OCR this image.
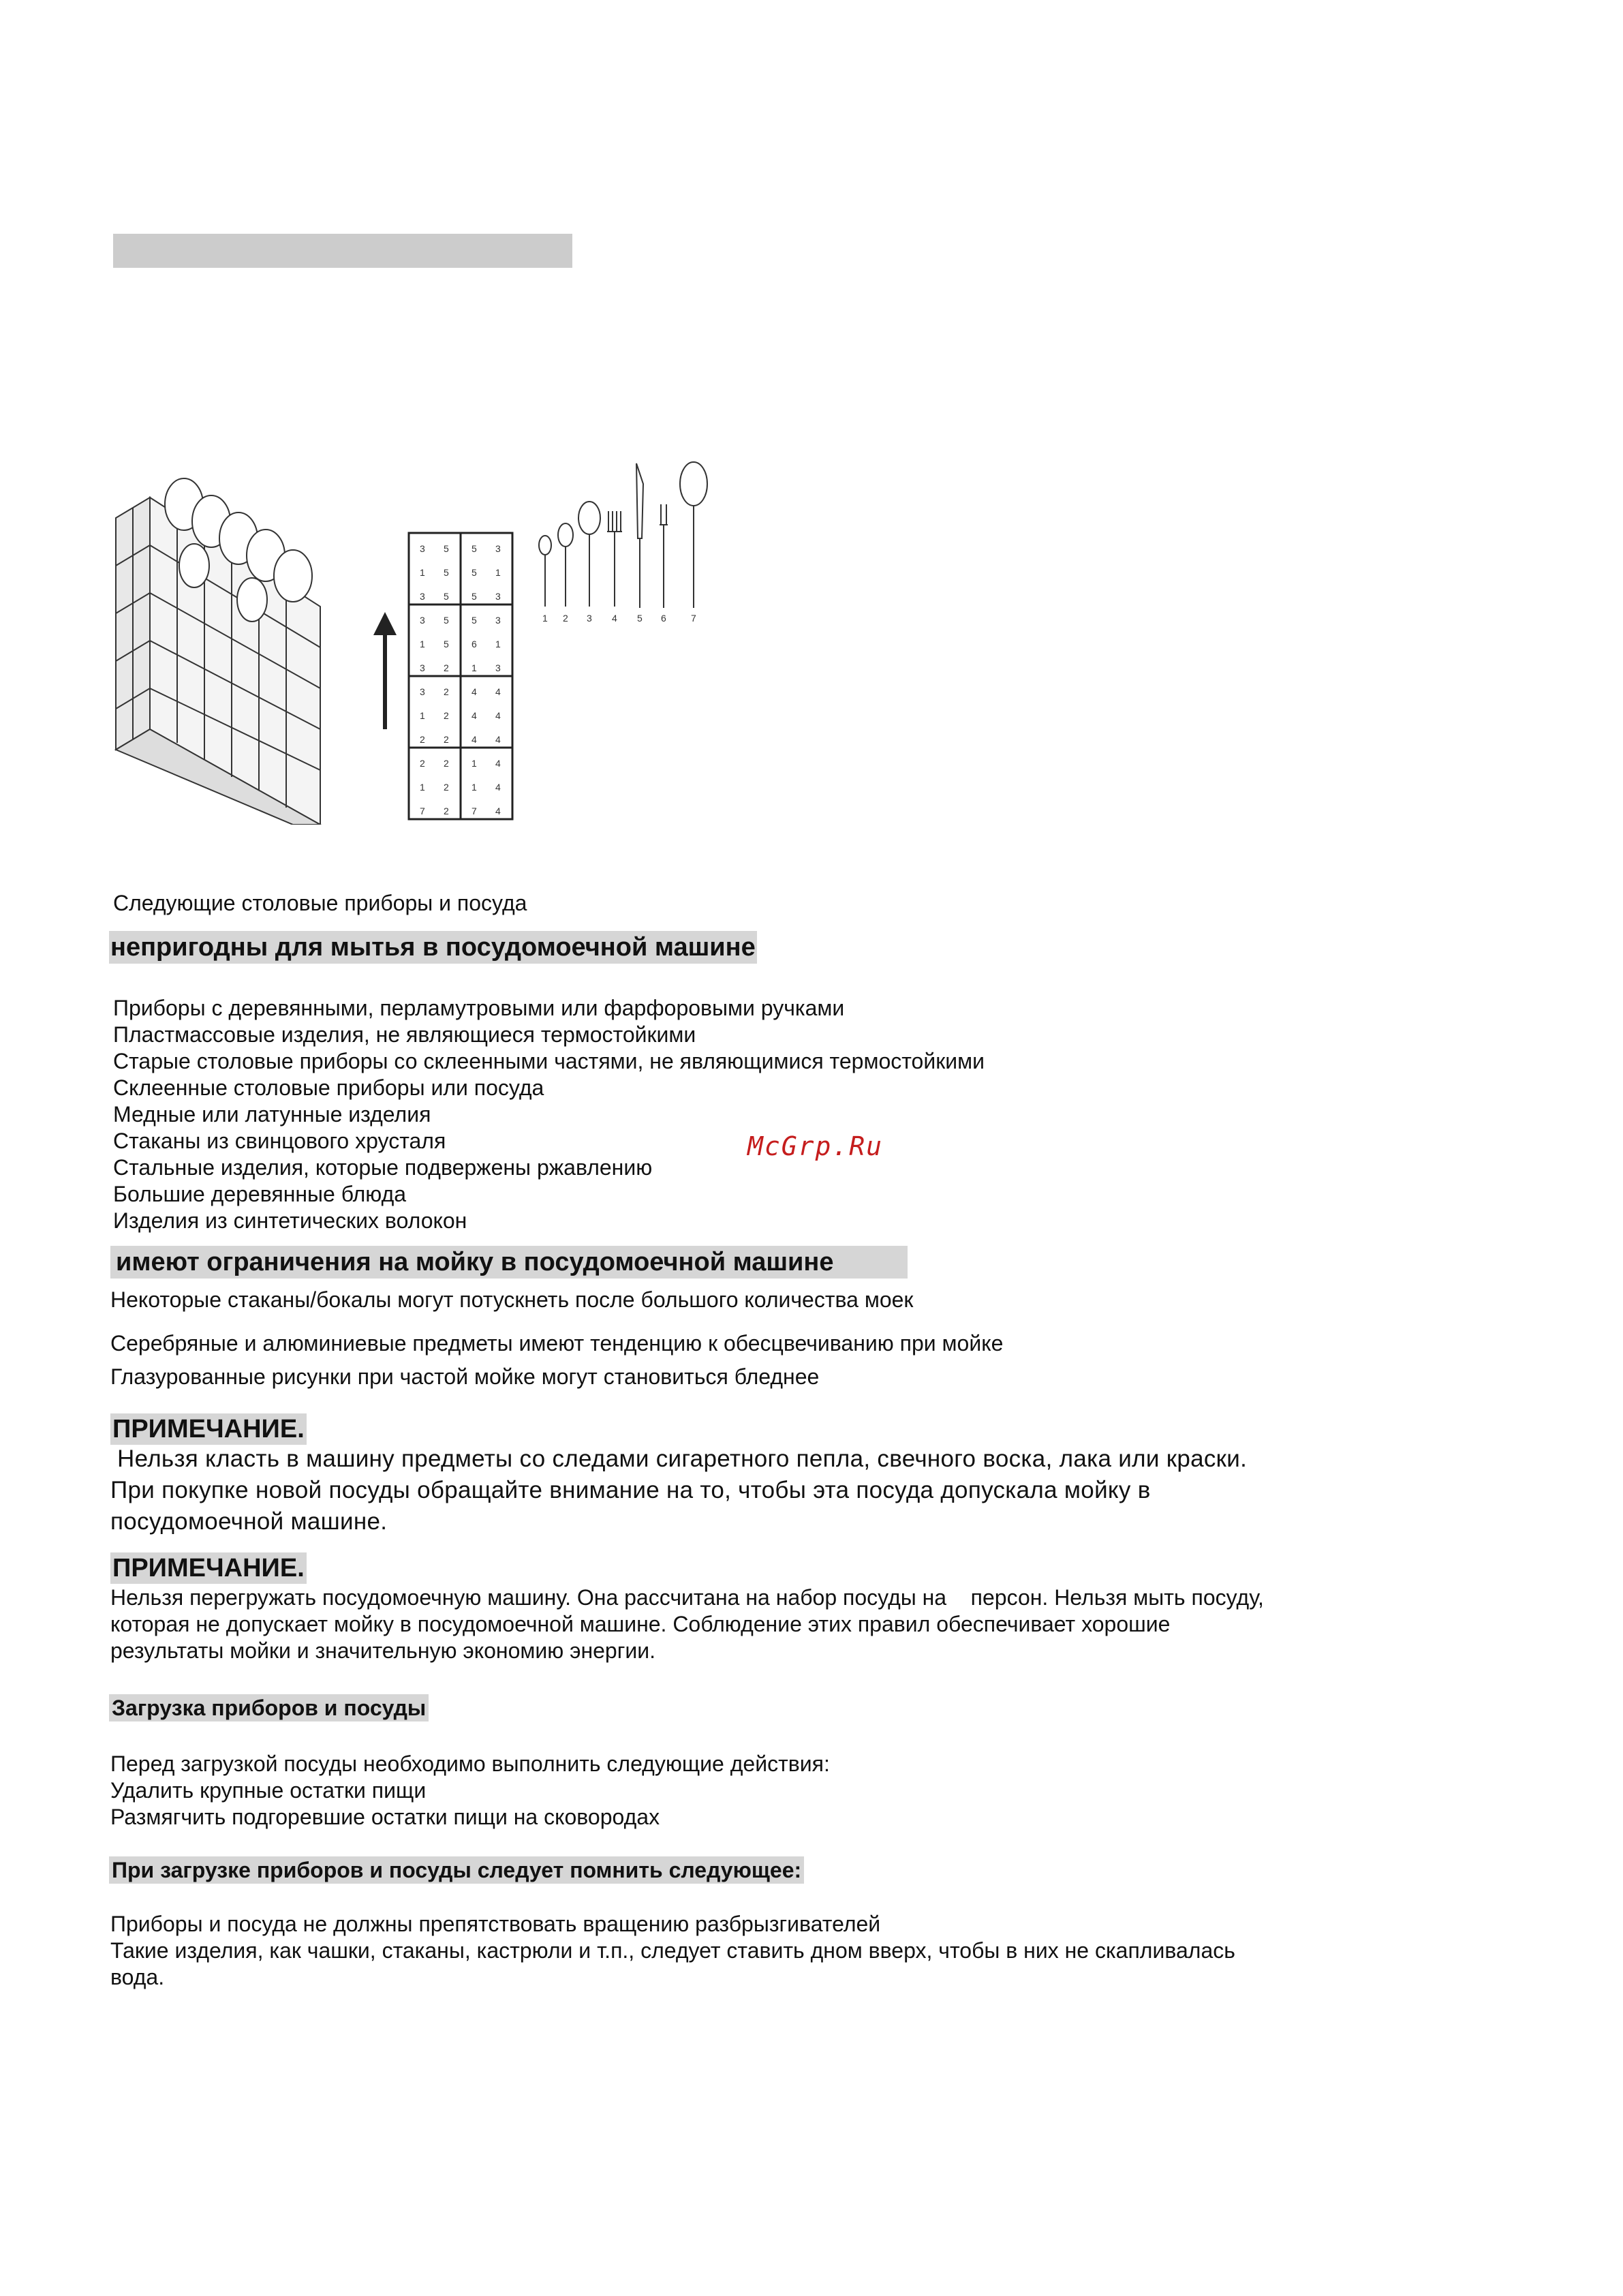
3 5 5 3
1 5 5 1
3 5 5 3
3 5 5 3
1 5 6 1
3 2 1 3
3 2 4 4
1 2 4 4
2 2 4 4
2 2 1 4
1 2 1 4
7 2 7 4
1 2 3 4 5 6	7
Следующие столовые приборы и посуда
непригодны для мытья в посудомоечной машине
Приборы с деревянными, перламутровыми или фарфоровыми ручками
Пластмассовые изделия, не являющиеся термостойкими
Старые столовые приборы со склеенными частями, не являющимися термостойкими
Склеенные столовые приборы или посуда
Медные или латунные изделия
Стаканы из свинцового хрусталя
Стальные изделия, которые подвержены ржавлению
Большие деревянные блюда
Изделия из синтетических волокон
McGrp.Ru
имеют ограничения на мойку в посудомоечной машине
Некоторые стаканы/бокалы могут потускнеть после большого количества моек
Серебряные и алюминиевые предметы имеют тенденцию к обесцвечиванию при мойке
Глазурованные рисунки при частой мойке могут становиться бледнее
ПРИМЕЧАНИЕ.
Нельзя класть в машину предметы со следами сигаретного пепла, свечного воска, лака или краски.
При покупке новой посуды обращайте внимание на то, чтобы эта посуда допускала мойку в
посудомоечной машине.
ПРИМЕЧАНИЕ.
Нельзя перегружать посудомоечную машину. Она рассчитана на набор посуды на    персон. Нельзя мыть посуду,
которая не допускает мойку в посудомоечной машине. Соблюдение этих правил обеспечивает хорошие
результаты мойки и значительную экономию энергии.
Загрузка приборов и посуды
Перед загрузкой посуды необходимо выполнить следующие действия:
Удалить крупные остатки пищи
Размягчить подгоревшие остатки пищи на сковородах
При загрузке приборов и посуды следует помнить следующее:
Приборы и посуда не должны препятствовать вращению разбрызгивателей
Такие изделия, как чашки, стаканы, кастрюли и т.п., следует ставить дном вверх, чтобы в них не скапливалась
вода.
